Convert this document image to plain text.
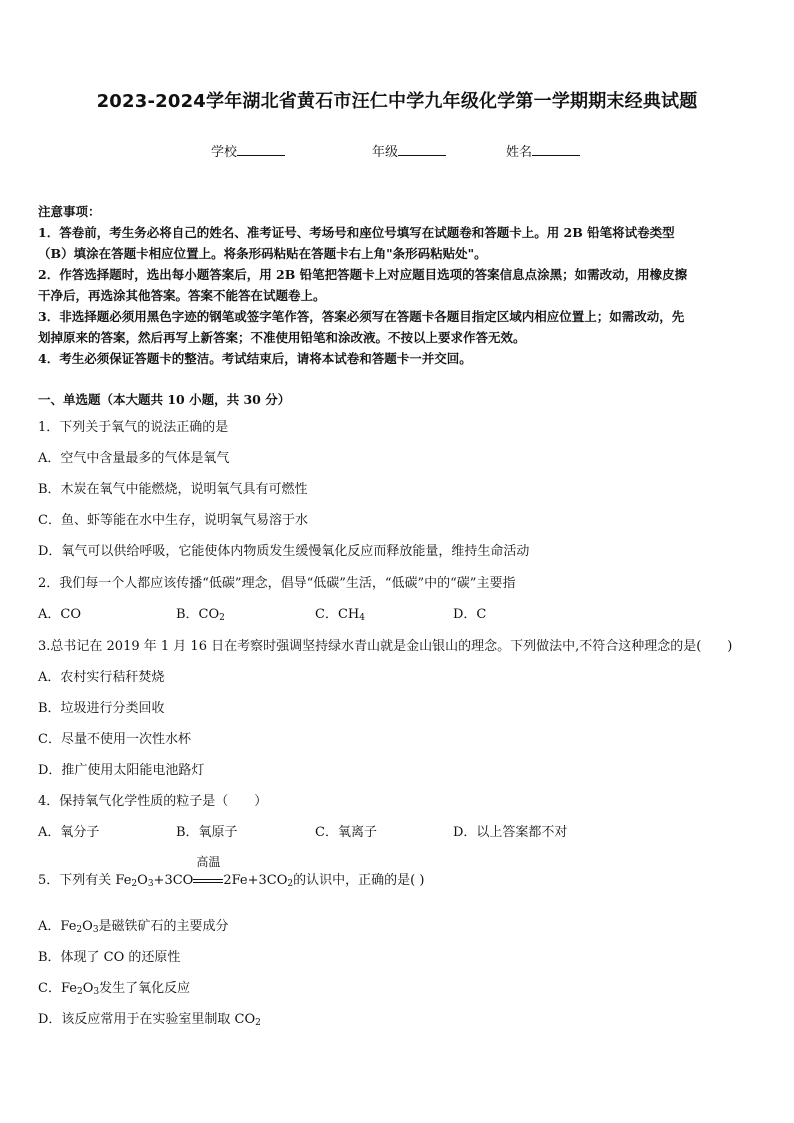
2023-2024学年湖北省黄石市汪仁中学九年级化学第一学期期末经典试题
学校	年级	姓名
注意事项：
1．答卷前，考生务必将自己的姓名、准考证号、考场号和座位号填写在试题卷和答题卡上。用 2B 铅笔将试卷类型
（B）填涂在答题卡相应位置上。将条形码粘贴在答题卡右上角"条形码粘贴处"。
2．作答选择题时，选出每小题答案后，用 2B 铅笔把答题卡上对应题目选项的答案信息点涂黑；如需改动，用橡皮擦
干净后，再选涂其他答案。答案不能答在试题卷上。
3．非选择题必须用黑色字迹的钢笔或签字笔作答，答案必须写在答题卡各题目指定区域内相应位置上；如需改动，先
划掉原来的答案，然后再写上新答案；不准使用铅笔和涂改液。不按以上要求作答无效。
4．考生必须保证答题卡的整洁。考试结束后，请将本试卷和答题卡一并交回。
一、单选题（本大题共 10 小题，共 30 分）
1．下列关于氧气的说法正确的是
A．空气中含量最多的气体是氧气
B．木炭在氧气中能燃烧，说明氧气具有可燃性
C．鱼、虾等能在水中生存，说明氧气易溶于水
D．氧气可以供给呼吸，它能使体内物质发生缓慢氧化反应而释放能量，维持生命活动
2．我们每一个人都应该传播“低碳”理念，倡导“低碳”生活，“低碳”中的“碳”主要指
A．CO	B．$CO_2$	C．$CH_4$	D．C
3.总书记在 2019 年 1 月 16 日在考察时强调坚持绿水青山就是金山银山的理念。下列做法中,不符合这种理念的是(　　)
A．农村实行秸秆焚烧
B．垃圾进行分类回收
C．尽量不使用一次性水杯
D．推广使用太阳能电池路灯
4．保持氧气化学性质的粒子是（　　）
A．氧分子	B．氧原子	C．氧离子	D．以上答案都不对
5．下列有关 $Fe_2O_3+3CO$
高温
$2Fe+3CO_2$的认识中，正确的是( )
A．$Fe_2O_3$是磁铁矿石的主要成分
B．体现了 CO 的还原性
C．$Fe_2O_3$发生了氧化反应
D．该反应常用于在实验室里制取 $CO_2$
